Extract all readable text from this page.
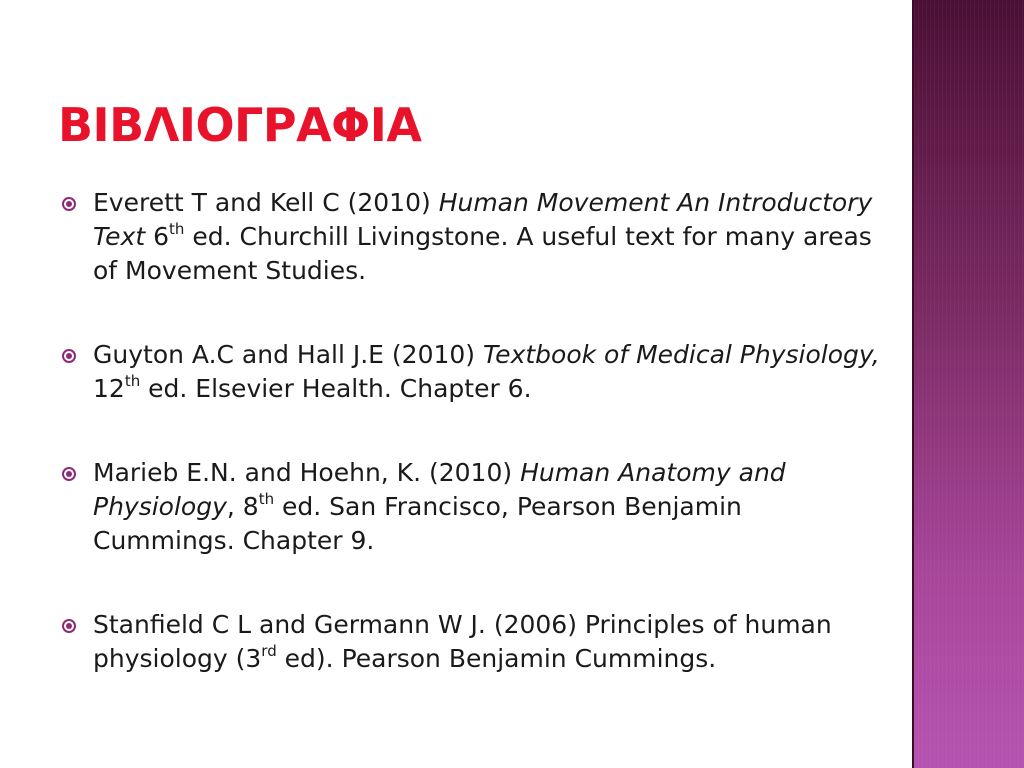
ΒΙΒΛΙΟΓΡΑΦΙΑ
Everett T and Kell C (2010) Human Movement An Introductory Text 6th ed. Churchill Livingstone. A useful text for many areas of Movement Studies.
Guyton A.C and Hall J.E (2010) Textbook of Medical Physiology, 12th ed. Elsevier Health. Chapter 6.
Marieb E.N. and Hoehn, K. (2010) Human Anatomy and Physiology, 8th ed. San Francisco, Pearson Benjamin Cummings. Chapter 9.
Stanfield C L and Germann W J. (2006) Principles of human physiology (3rd ed). Pearson Benjamin Cummings.
